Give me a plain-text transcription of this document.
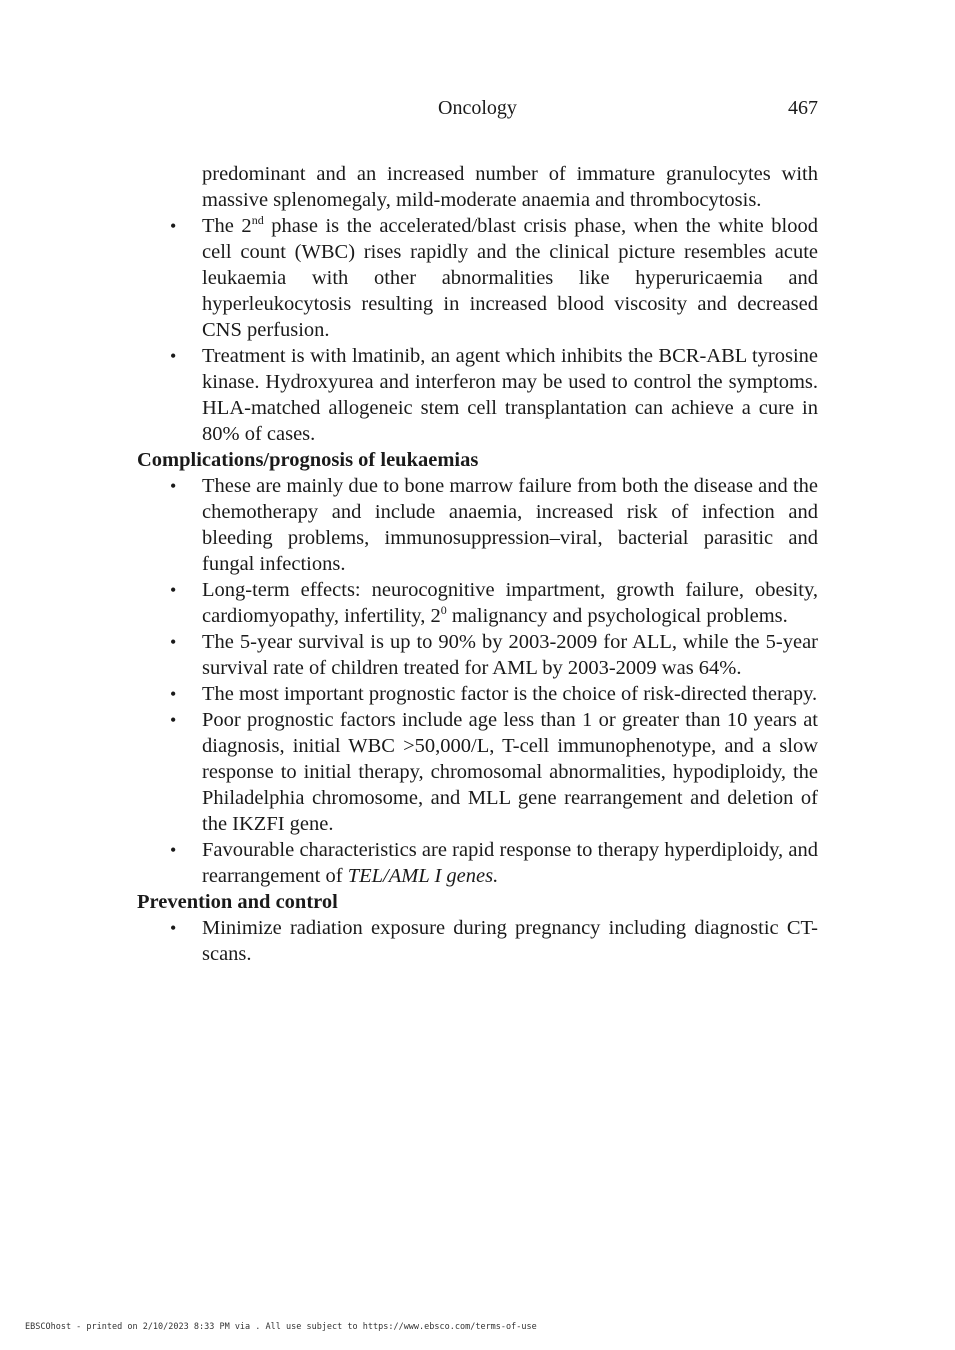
Oncology	467

predominant and an increased number of immature granulocytes with massive splenomegaly, mild-moderate anaemia and thrombocytosis.

• The 2nd phase is the accelerated/blast crisis phase, when the white blood cell count (WBC) rises rapidly and the clinical picture resembles acute leukaemia with other abnormalities like hyperuricaemia and hyperleukocytosis resulting in increased blood viscosity and decreased CNS perfusion.
• Treatment is with lmatinib, an agent which inhibits the BCR-ABL tyrosine kinase. Hydroxyurea and interferon may be used to control the symptoms. HLA-matched allogeneic stem cell transplantation can achieve a cure in 80% of cases.
Complications/prognosis of leukaemias
• These are mainly due to bone marrow failure from both the disease and the chemotherapy and include anaemia, increased risk of infection and bleeding problems, immunosuppression–viral, bacterial parasitic and fungal infections.
• Long-term effects: neurocognitive impartment, growth failure, obesity, cardiomyopathy, infertility, $2^0$ malignancy and psychological problems.
• The 5-year survival is up to 90% by 2003-2009 for ALL, while the 5-year survival rate of children treated for AML by 2003-2009 was 64%.
• The most important prognostic factor is the choice of risk-directed therapy.
• Poor prognostic factors include age less than 1 or greater than 10 years at diagnosis, initial WBC >50,000/L, T-cell immunophenotype, and a slow response to initial therapy, chromosomal abnormalities, hypodiploidy, the Philadelphia chromosome, and MLL gene rearrangement and deletion of the IKZFI gene.
• Favourable characteristics are rapid response to therapy hyperdiploidy, and rearrangement of TEL/AML I genes.
Prevention and control
• Minimize radiation exposure during pregnancy including diagnostic CT-scans.
EBSCOhost - printed on 2/10/2023 8:33 PM via . All use subject to https://www.ebsco.com/terms-of-use
